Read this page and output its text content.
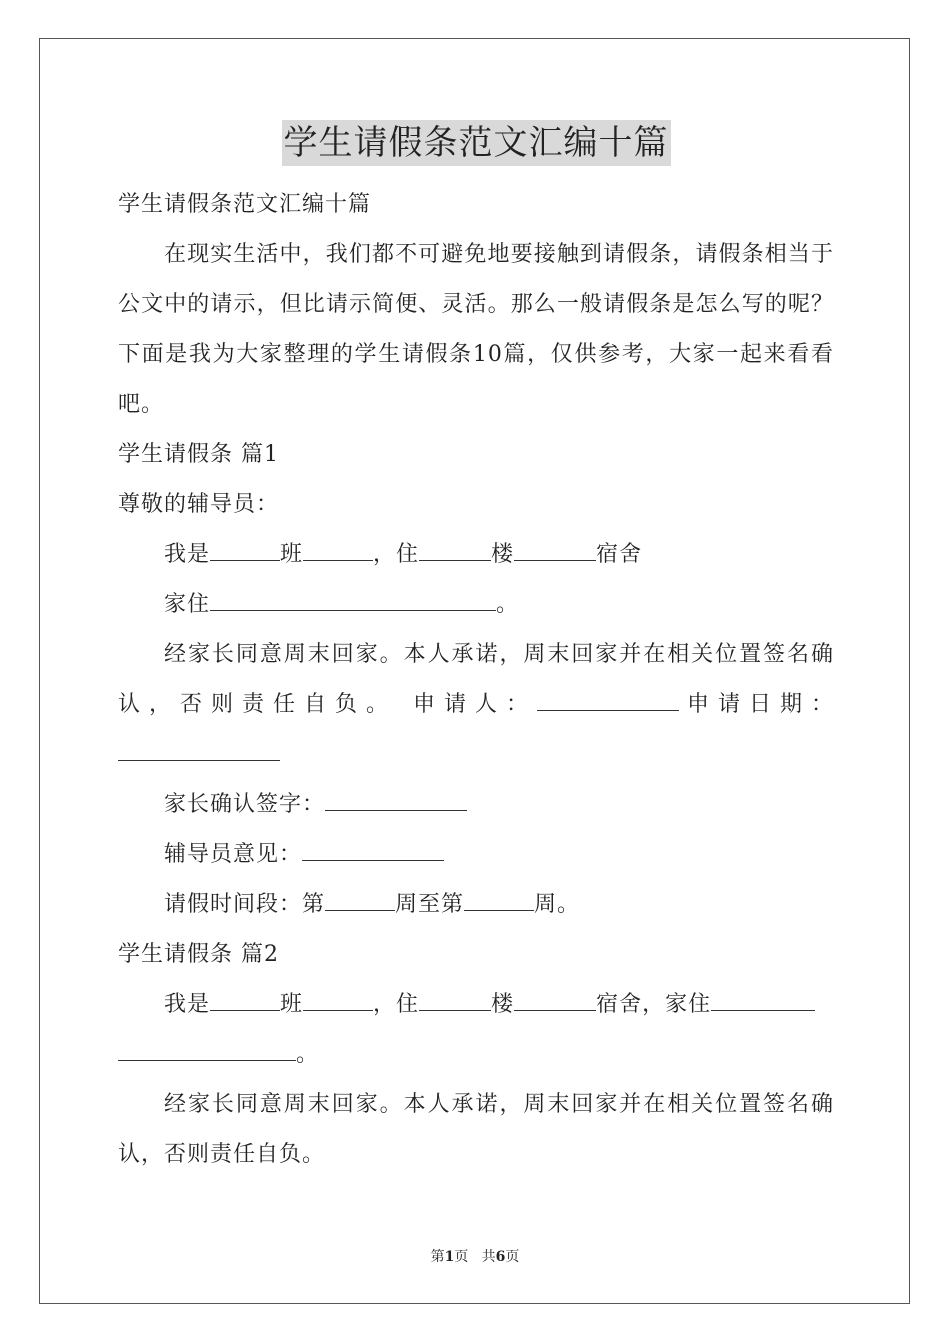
学生请假条范文汇编十篇

学生请假条范文汇编十篇

在现实生活中，我们都不可避免地要接触到请假条，请假条相当于公文中的请示，但比请示简便、灵活。那么一般请假条是怎么写的呢？下面是我为大家整理的学生请假条10篇，仅供参考，大家一起来看看吧。

学生请假条 篇1

尊敬的辅导员：

我是	班	，住	楼	宿舍

家住	。

经家长同意周末回家。本人承诺，周末回家并在相关位置签名确认，否则责任自负。 申请人：	申请日期：

家长确认签字：

辅导员意见：

请假时间段：第	周至第	周。

学生请假条 篇2

我是	班	，住	楼	宿舍，家住

。

经家长同意周末回家。本人承诺，周末回家并在相关位置签名确认，否则责任自负。

第1页 共6页
